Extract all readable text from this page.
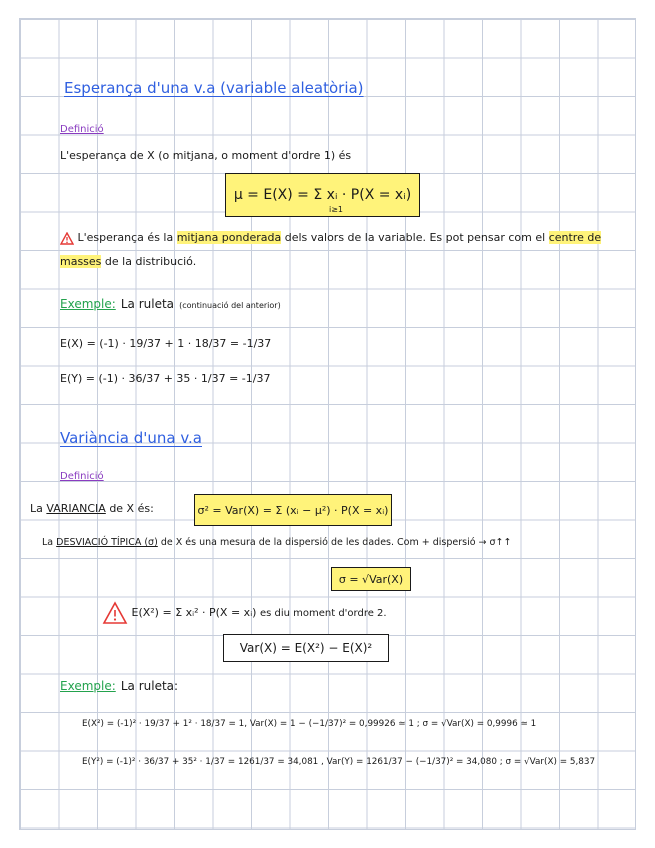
Esperança d'una v.a (variable aleatòria)
Definició
L'esperança de X (o mitjana, o moment d'ordre 1) és
μ = E(X) = Σ xᵢ · P(X = xᵢ)
i≥1
L'esperança és la mitjana ponderada dels valors de la variable. Es pot pensar com el centre de
masses de la distribució.
Exemple: La ruleta (continuació del anterior)
E(X) = (-1) · 19/37 + 1 · 18/37 = -1/37
E(Y) = (-1) · 36/37 + 35 · 1/37 = -1/37
Variància d'una v.a
Definició
La VARIANCIA de X és:	σ² = Var(X) = Σ (xᵢ − μ²) · P(X = xᵢ)
La DESVIACIÓ TÍPICA (σ) de X és una mesura de la dispersió de les dades. Com + dispersió → σ↑↑
σ = √Var(X)
E(X²) = Σ xᵢ² · P(X = xᵢ) es diu moment d'ordre 2.
Var(X) = E(X²) − E(X)²
Exemple: La ruleta:
E(X²) = (-1)² · 19/37 + 1² · 18/37 = 1, Var(X) = 1 − (−1/37)² = 0,99926 ≃ 1 ; σ = √Var(X) = 0,9996 ≃ 1
E(Y²) = (-1)² · 36/37 + 35² · 1/37 = 1261/37 = 34,081 , Var(Y) = 1261/37 − (−1/37)² = 34,080 ; σ = √Var(X) = 5,837
